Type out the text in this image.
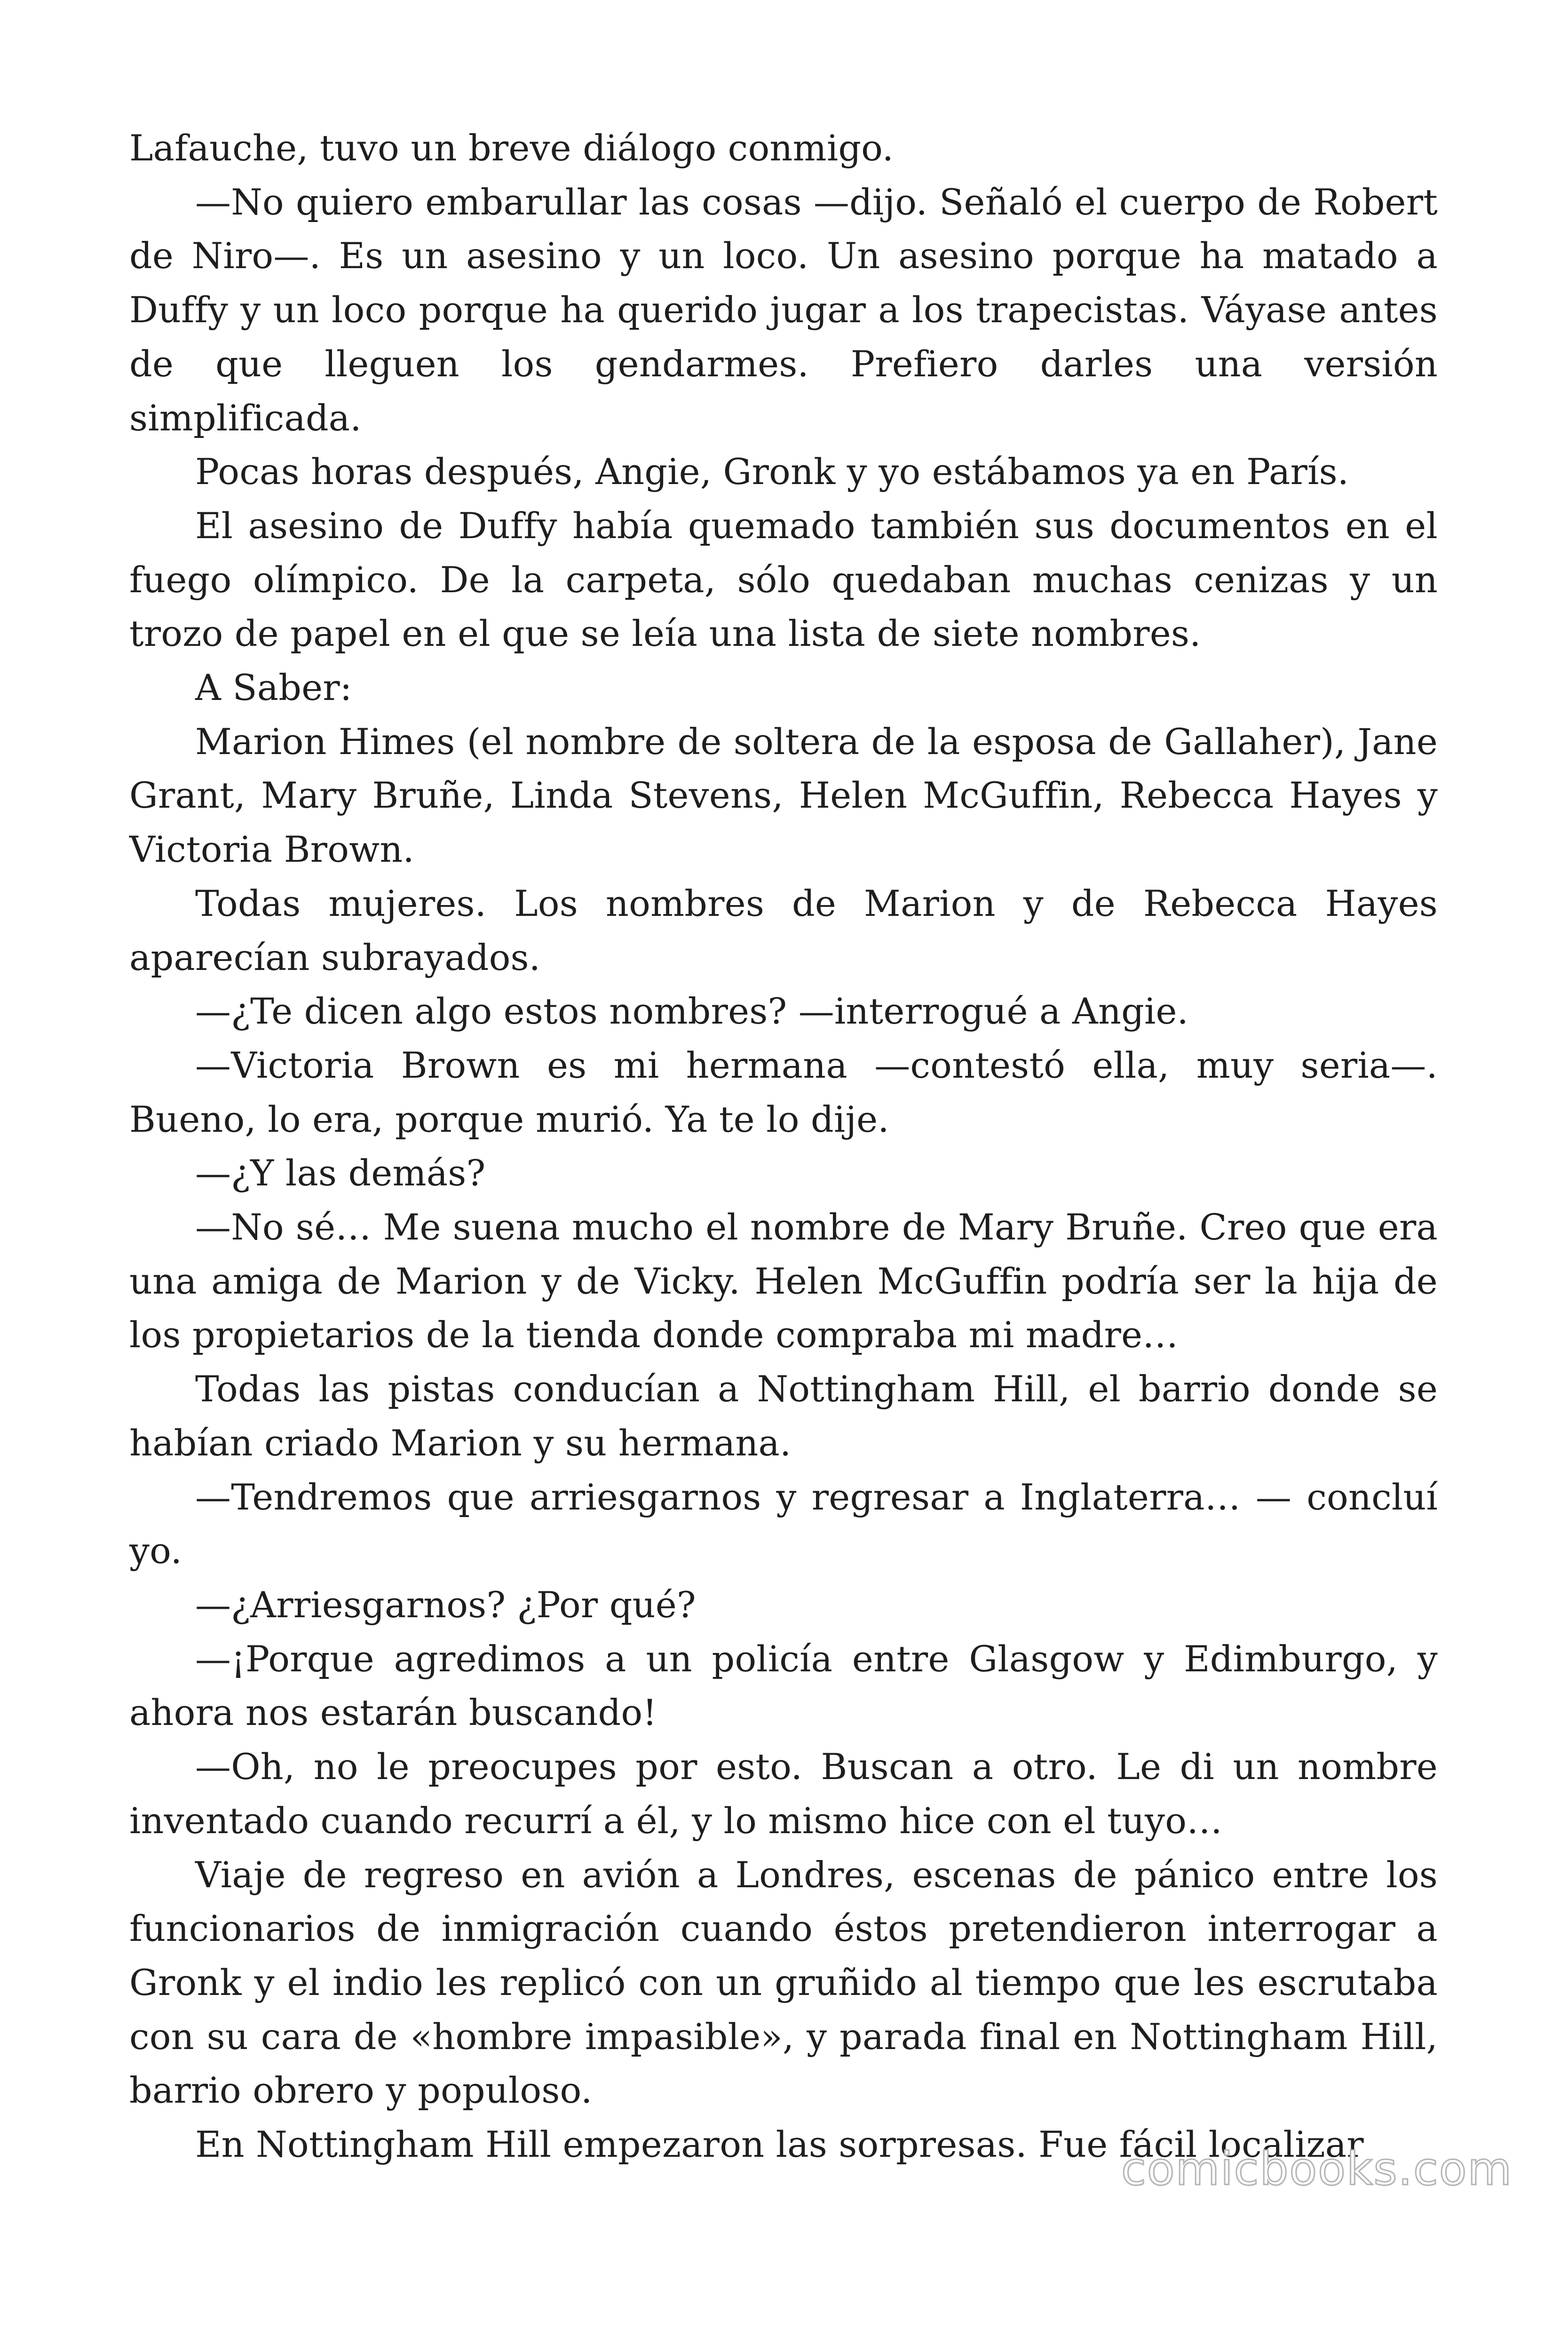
Lafauche, tuvo un breve diálogo conmigo.

—No quiero embarullar las cosas —dijo. Señaló el cuerpo de Robert de Niro—. Es un asesino y un loco. Un asesino porque ha matado a Duffy y un loco porque ha querido jugar a los trapecistas. Váyase antes de que lleguen los gendarmes. Prefiero darles una versión simplificada.

Pocas horas después, Angie, Gronk y yo estábamos ya en París.

El asesino de Duffy había quemado también sus documentos en el fuego olímpico. De la carpeta, sólo quedaban muchas cenizas y un trozo de papel en el que se leía una lista de siete nombres.

A Saber:

Marion Himes (el nombre de soltera de la esposa de Gallaher), Jane Grant, Mary Bruñe, Linda Stevens, Helen McGuffin, Rebecca Hayes y Victoria Brown.

Todas mujeres. Los nombres de Marion y de Rebecca Hayes aparecían subrayados.

—¿Te dicen algo estos nombres? —interrogué a Angie.

—Victoria Brown es mi hermana —contestó ella, muy seria—. Bueno, lo era, porque murió. Ya te lo dije.

—¿Y las demás?

—No sé… Me suena mucho el nombre de Mary Bruñe. Creo que era una amiga de Marion y de Vicky. Helen McGuffin podría ser la hija de los propietarios de la tienda donde compraba mi madre…

Todas las pistas conducían a Nottingham Hill, el barrio donde se habían criado Marion y su hermana.

—Tendremos que arriesgarnos y regresar a Inglaterra… — concluí yo.

—¿Arriesgarnos? ¿Por qué?

—¡Porque agredimos a un policía entre Glasgow y Edimburgo, y ahora nos estarán buscando!

—Oh, no le preocupes por esto. Buscan a otro. Le di un nombre inventado cuando recurrí a él, y lo mismo hice con el tuyo…

Viaje de regreso en avión a Londres, escenas de pánico entre los funcionarios de inmigración cuando éstos pretendieron interrogar a Gronk y el indio les replicó con un gruñido al tiempo que les escrutaba con su cara de «hombre impasible», y parada final en Nottingham Hill, barrio obrero y populoso.

En Nottingham Hill empezaron las sorpresas. Fue fácil localizar

comicbooks.com
